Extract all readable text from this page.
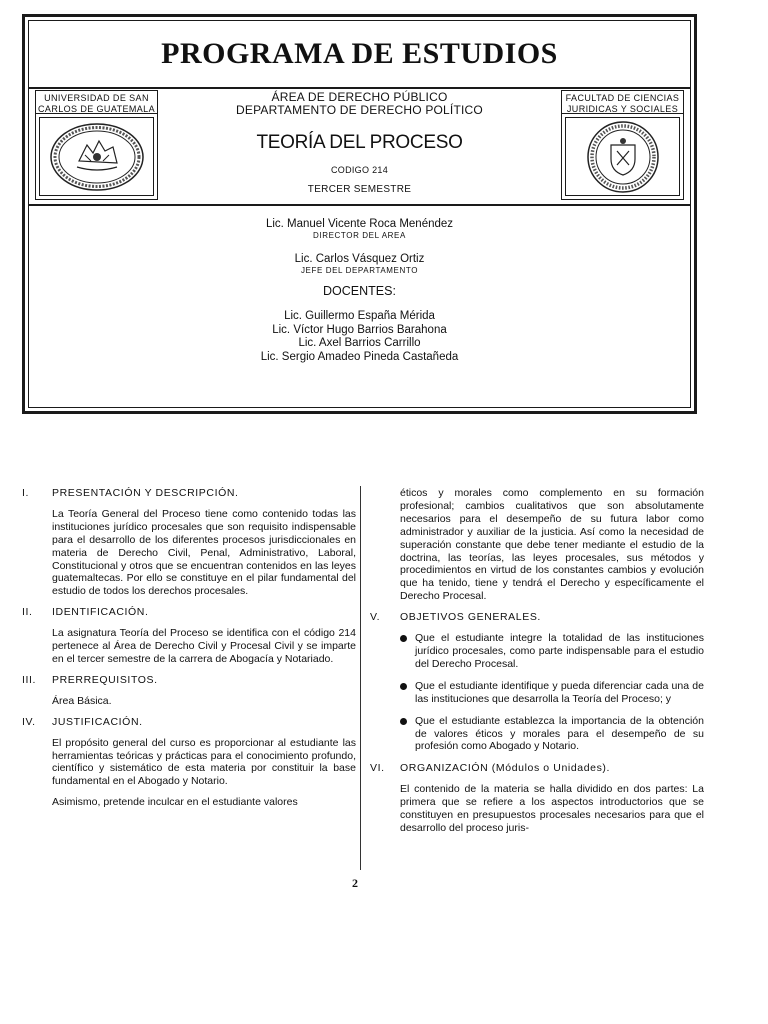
PROGRAMA DE ESTUDIOS
UNIVERSIDAD DE SAN
CARLOS DE GUATEMALA
ÁREA DE DERECHO PÚBLICO
DEPARTAMENTO DE DERECHO POLÍTICO
TEORÍA DEL PROCESO
CODIGO 214
TERCER SEMESTRE
FACULTAD DE CIENCIAS
JURIDICAS Y SOCIALES
Lic. Manuel Vicente Roca Menéndez
DIRECTOR DEL AREA
Lic. Carlos Vásquez Ortiz
JEFE DEL DEPARTAMENTO
DOCENTES:
Lic. Guillermo España Mérida
Lic. Víctor Hugo Barrios Barahona
Lic. Axel Barrios Carrillo
Lic. Sergio Amadeo Pineda Castañeda
I.	PRESENTACIÓN Y DESCRIPCIÓN.
La Teoría General del Proceso tiene como contenido todas las instituciones jurídico procesales que son requisito indispensable para el desarrollo de los diferentes procesos jurisdiccionales en materia de Derecho Civil, Penal, Administrativo, Laboral, Constitucional y otros que se encuentran contenidos en las leyes guatemaltecas. Por ello se constituye en el pilar fundamental del estudio de todos los derechos procesales.
II.	IDENTIFICACIÓN.
La asignatura Teoría del Proceso se identifica con el código 214 pertenece al Área de Derecho Civil y Procesal Civil y se imparte en el tercer semestre de la carrera de Abogacía y Notariado.
III.	PRERREQUISITOS.
Área Básica.
IV.	JUSTIFICACIÓN.
El propósito general del curso es proporcionar al estudiante las herramientas teóricas y prácticas para el conocimiento profundo, científico y sistemático de esta materia por constituir la base fundamental en el Abogado y Notario.
Asimismo, pretende inculcar en el estudiante valores
éticos y morales como complemento en su formación profesional; cambios cualitativos que son absolutamente necesarios para el desempeño de su futura labor como administrador y auxiliar de la justicia. Así como la necesidad de superación constante que debe tener mediante el estudio de la doctrina, las teorías, las leyes procesales, sus métodos y procedimientos en virtud de los constantes cambios y evolución que ha tenido, tiene y tendrá el Derecho y específicamente el Derecho Procesal.
V.	OBJETIVOS GENERALES.
Que el estudiante integre la totalidad de las instituciones jurídico procesales, como parte indispensable para el estudio del Derecho Procesal.
Que el estudiante identifique y pueda diferenciar cada una de las instituciones que desarrolla la Teoría del Proceso; y
Que el estudiante establezca la importancia de la obtención de valores éticos y morales para el desempeño de su profesión como Abogado y Notario.
VI.	ORGANIZACIÓN (Módulos o Unidades).
El contenido de la materia se halla dividido en dos partes: La primera que se refiere a los aspectos introductorios que se constituyen en presupuestos procesales necesarios para que el desarrollo del proceso juris-
2
